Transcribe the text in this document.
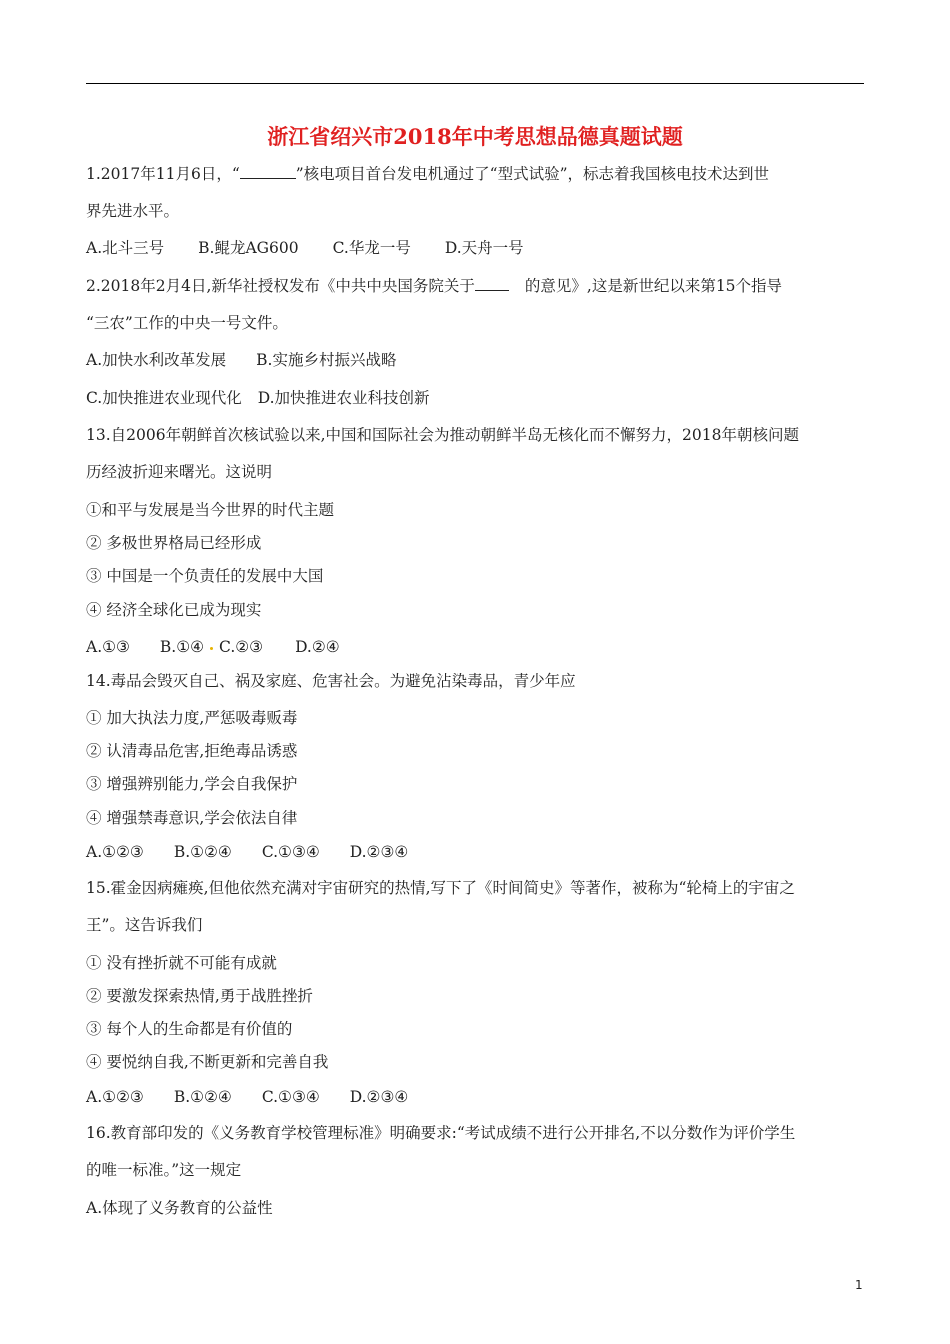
浙江省绍兴市2018年中考思想品德真题试题
1.2017年11月6日，“	”核电项目首台发电机通过了“型式试验”，标志着我国核电技术达到世
界先进水平。
A.北斗三号 B.鲲龙AG600 C.华龙一号 D.天舟一号
2.2018年2月4日,新华社授权发布《中共中央国务院关于	的意见》,这是新世纪以来第15个指导
“三农”工作的中央一号文件。
A.加快水利改革发展 B.实施乡村振兴战略
C.加快推进农业现代化 D.加快推进农业科技创新
13.自2006年朝鲜首次核试验以来,中国和国际社会为推动朝鲜半岛无核化而不懈努力，2018年朝核问题
历经波折迎来曙光。这说明
①和平与发展是当今世界的时代主题
② 多极世界格局已经形成
③ 中国是一个负责任的发展中大国
④ 经济全球化已成为现实
A.①③ B.①④ C.②③ D.②④
14.毒品会毁灭自己、祸及家庭、危害社会。为避免沾染毒品，青少年应
① 加大执法力度,严惩吸毒贩毒
② 认清毒品危害,拒绝毒品诱惑
③ 增强辨别能力,学会自我保护
④ 增强禁毒意识,学会依法自律
A.①②③ B.①②④ C.①③④ D.②③④
15.霍金因病瘫痪,但他依然充满对宇宙研究的热情,写下了《时间简史》等著作，被称为“轮椅上的宇宙之
王”。这告诉我们
① 没有挫折就不可能有成就
② 要激发探索热情,勇于战胜挫折
③ 每个人的生命都是有价值的
④ 要悦纳自我,不断更新和完善自我
A.①②③ B.①②④ C.①③④ D.②③④
16.教育部印发的《义务教育学校管理标准》明确要求:“考试成绩不进行公开排名,不以分数作为评价学生
的唯一标准。”这一规定
A.体现了义务教育的公益性
1
